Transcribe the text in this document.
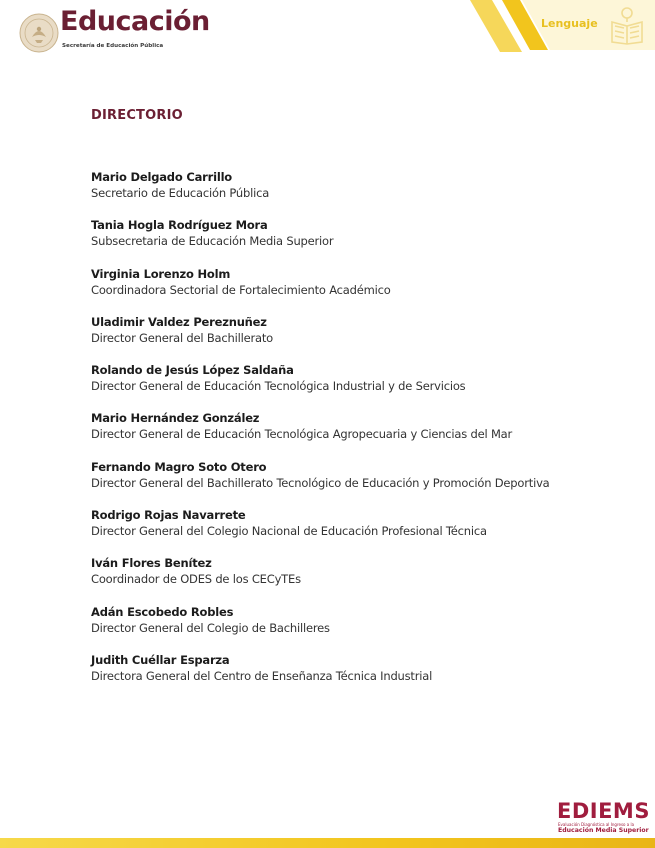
Educación
Secretaría de Educación Pública
Lenguaje
DIRECTORIO
Mario Delgado Carrillo
Secretario de Educación Pública
Tania Hogla Rodríguez Mora
Subsecretaria de Educación Media Superior
Virginia Lorenzo Holm
Coordinadora Sectorial de Fortalecimiento Académico
Uladimir Valdez Pereznuñez
Director General del Bachillerato
Rolando de Jesús López Saldaña
Director General de Educación Tecnológica Industrial y de Servicios
Mario Hernández González
Director General de Educación Tecnológica Agropecuaria y Ciencias del Mar
Fernando Magro Soto Otero
Director General del Bachillerato Tecnológico de Educación y Promoción Deportiva
Rodrigo Rojas Navarrete
Director General del Colegio Nacional de Educación Profesional Técnica
Iván Flores Benítez
Coordinador de ODES de los CECyTEs
Adán Escobedo Robles
Director General del Colegio de Bachilleres
Judith Cuéllar Esparza
Directora General del Centro de Enseñanza Técnica Industrial
EDIEMS
Evaluación Diagnóstica al Ingreso a la
Educación Media Superior
